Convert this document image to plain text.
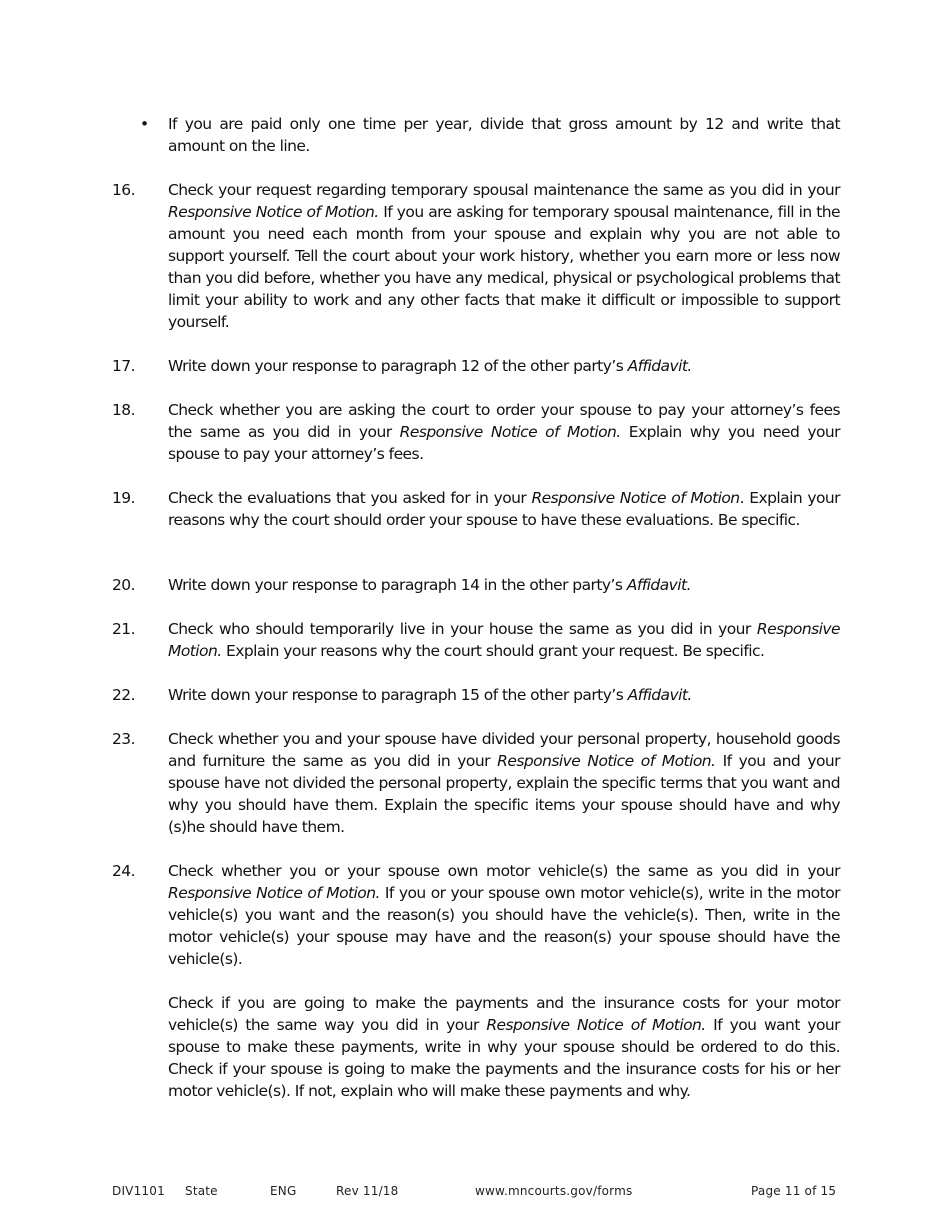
• If you are paid only one time per year, divide that gross amount by 12 and write that amount on the line.
16.	Check your request regarding temporary spousal maintenance the same as you did in your Responsive Notice of Motion. If you are asking for temporary spousal maintenance, fill in the amount you need each month from your spouse and explain why you are not able to support yourself. Tell the court about your work history, whether you earn more or less now than you did before, whether you have any medical, physical or psychological problems that limit your ability to work and any other facts that make it difficult or impossible to support yourself.
17.	Write down your response to paragraph 12 of the other party’s Affidavit.
18.	Check whether you are asking the court to order your spouse to pay your attorney’s fees the same as you did in your Responsive Notice of Motion. Explain why you need your spouse to pay your attorney’s fees.
19.	Check the evaluations that you asked for in your Responsive Notice of Motion. Explain your reasons why the court should order your spouse to have these evaluations. Be specific.
20.	Write down your response to paragraph 14 in the other party’s Affidavit.
21.	Check who should temporarily live in your house the same as you did in your Responsive Motion. Explain your reasons why the court should grant your request. Be specific.
22.	Write down your response to paragraph 15 of the other party’s Affidavit.
23.	Check whether you and your spouse have divided your personal property, household goods and furniture the same as you did in your Responsive Notice of Motion. If you and your spouse have not divided the personal property, explain the specific terms that you want and why you should have them. Explain the specific items your spouse should have and why (s)he should have them.
24.	Check whether you or your spouse own motor vehicle(s) the same as you did in your Responsive Notice of Motion. If you or your spouse own motor vehicle(s), write in the motor vehicle(s) you want and the reason(s) you should have the vehicle(s). Then, write in the motor vehicle(s) your spouse may have and the reason(s) your spouse should have the vehicle(s).
Check if you are going to make the payments and the insurance costs for your motor vehicle(s) the same way you did in your Responsive Notice of Motion. If you want your spouse to make these payments, write in why your spouse should be ordered to do this. Check if your spouse is going to make the payments and the insurance costs for his or her motor vehicle(s). If not, explain who will make these payments and why.
DIV1101 State	ENG	Rev 11/18	www.mncourts.gov/forms	Page 11 of 15
